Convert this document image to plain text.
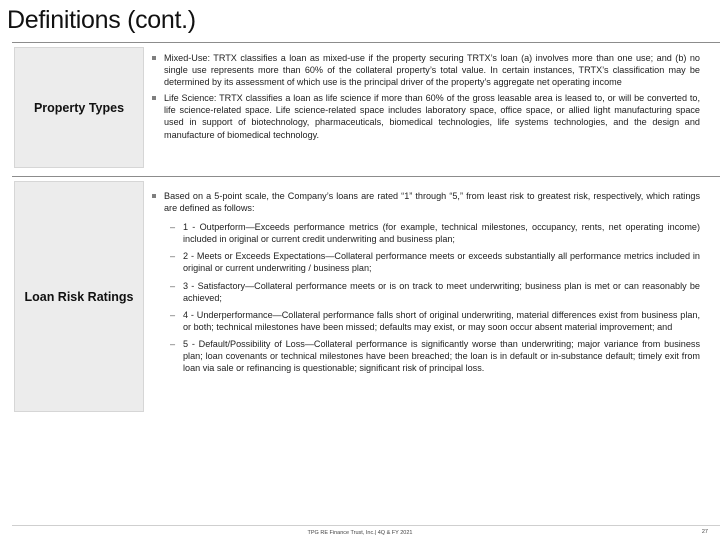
Definitions (cont.)
Property Types
Mixed-Use: TRTX classifies a loan as mixed-use if the property securing TRTX’s loan (a) involves more than one use; and (b) no single use represents more than 60% of the collateral property’s total value. In certain instances, TRTX’s classification may be determined by its assessment of which use is the principal driver of the property’s aggregate net operating income
Life Science: TRTX classifies a loan as life science if more than 60% of the gross leasable area is leased to, or will be converted to, life science-related space. Life science-related space includes laboratory space, office space, or allied light manufacturing space used in support of biotechnology, pharmaceuticals, biomedical technologies, life systems technologies, and the design and manufacture of biomedical technology.
Loan Risk Ratings
Based on a 5-point scale, the Company’s loans are rated “1” through “5,” from least risk to greatest risk, respectively, which ratings are defined as follows:
– 1 - Outperform—Exceeds performance metrics (for example, technical milestones, occupancy, rents, net operating income) included in original or current credit underwriting and business plan;
– 2 - Meets or Exceeds Expectations—Collateral performance meets or exceeds substantially all performance metrics included in original or current underwriting / business plan;
– 3 - Satisfactory—Collateral performance meets or is on track to meet underwriting; business plan is met or can reasonably be achieved;
– 4 - Underperformance—Collateral performance falls short of original underwriting, material differences exist from business plan, or both; technical milestones have been missed; defaults may exist, or may soon occur absent material improvement; and
– 5 - Default/Possibility of Loss—Collateral performance is significantly worse than underwriting; major variance from business plan; loan covenants or technical milestones have been breached; the loan is in default or in-substance default; timely exit from loan via sale or refinancing is questionable; significant risk of principal loss.
TPG RE Finance Trust, Inc.| 4Q & FY 2021	27
